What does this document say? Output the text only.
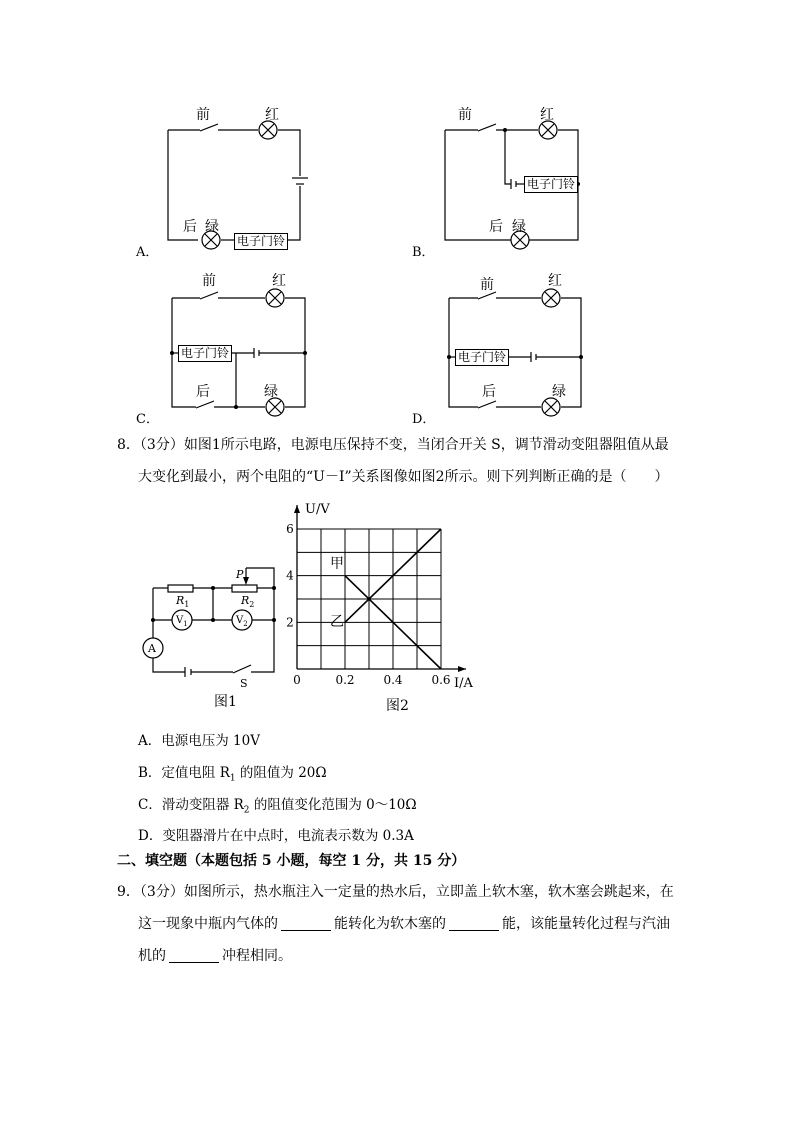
前	红
后 绿
电子门铃
A．
前	红
后 绿
电子门铃
B．
前	红
后	绿
电子门铃
C．
前	红
后	绿
电子门铃
D．
8．（3分）如图1所示电路，电源电压保持不变，当闭合开关 S，调节滑动变阻器阻值从最
大变化到最小，两个电阻的“U－I”关系图像如图2所示。则下列判断正确的是（　　）
$R_1$	$R_2$
P
$V_1$	$V_2$
A
S
图1
I/A
U/V
0	0.2 0.4 0.6
2
4
6
图2
甲
乙
A．电源电压为 10V
B．定值电阻 $R_1$ 的阻值为 20Ω
C．滑动变阻器 $R_2$ 的阻值变化范围为 0～10Ω
D．变阻器滑片在中点时，电流表示数为 0.3A
二、填空题（本题包括 5 小题，每空 1 分，共 15 分）
9．（3分）如图所示，热水瓶注入一定量的热水后，立即盖上软木塞，软木塞会跳起来，在
这一现象中瓶内气体的	能转化为软木塞的	能，该能量转化过程与汽油
机的	冲程相同。
